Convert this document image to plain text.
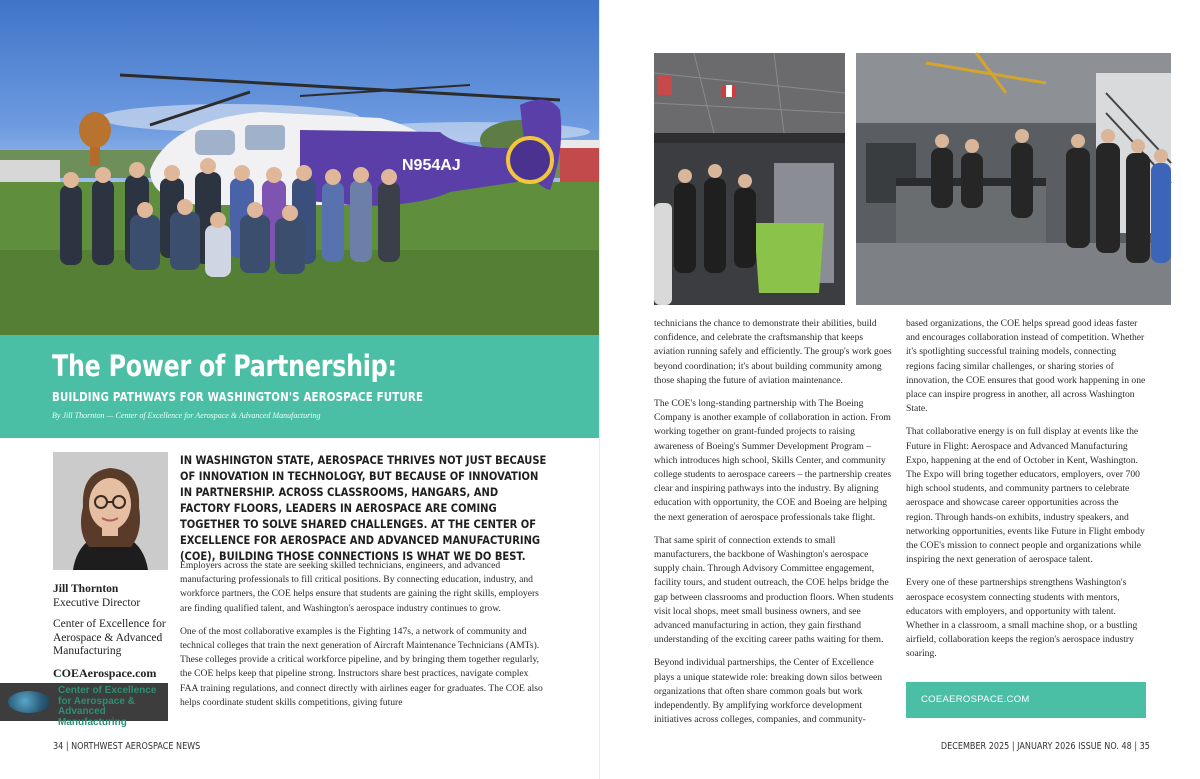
N954AJ
The Power of Partnership:
BUILDING PATHWAYS FOR WASHINGTON'S AEROSPACE FUTURE
By Jill Thornton — Center of Excellence for Aerospace & Advanced Manufacturing
Jill Thornton
Executive Director
Center of Excellence for Aerospace & Advanced Manufacturing
COEAerospace.com
Center of Excellence for Aerospace & Advanced Manufacturing
IN WASHINGTON STATE, AEROSPACE THRIVES NOT JUST BECAUSE OF INNOVATION IN TECHNOLOGY, BUT BECAUSE OF INNOVATION IN PARTNERSHIP. ACROSS CLASSROOMS, HANGARS, AND FACTORY FLOORS, LEADERS IN AEROSPACE ARE COMING TOGETHER TO SOLVE SHARED CHALLENGES. AT THE CENTER OF EXCELLENCE FOR AEROSPACE AND ADVANCED MANUFACTURING (COE), BUILDING THOSE CONNECTIONS IS WHAT WE DO BEST.

Employers across the state are seeking skilled technicians, engineers, and advanced manufacturing professionals to fill critical positions. By connecting education, industry, and workforce partners, the COE helps ensure that students are gaining the right skills, employers are finding qualified talent, and Washington's aerospace industry continues to grow.

One of the most collaborative examples is the Fighting 147s, a network of community and technical colleges that train the next generation of Aircraft Maintenance Technicians (AMTs). These colleges provide a critical workforce pipeline, and by bringing them together regularly, the COE helps keep that pipeline strong. Instructors share best practices, navigate complex FAA training regulations, and connect directly with airlines eager for graduates. The COE also helps coordinate student skills competitions, giving future

34 | NORTHWEST AEROSPACE NEWS

technicians the chance to demonstrate their abilities, build confidence, and celebrate the craftsmanship that keeps aviation running safely and efficiently. The group's work goes beyond coordination; it's about building community among those shaping the future of aviation maintenance.

The COE's long-standing partnership with The Boeing Company is another example of collaboration in action. From working together on grant-funded projects to raising awareness of Boeing's Summer Development Program – which introduces high school, Skills Center, and community college students to aerospace careers – the partnership creates clear and inspiring pathways into the industry. By aligning education with opportunity, the COE and Boeing are helping the next generation of aerospace professionals take flight.

That same spirit of connection extends to small manufacturers, the backbone of Washington's aerospace supply chain. Through Advisory Committee engagement, facility tours, and student outreach, the COE helps bridge the gap between classrooms and production floors. When students visit local shops, meet small business owners, and see advanced manufacturing in action, they gain firsthand understanding of the exciting career paths waiting for them.

Beyond individual partnerships, the Center of Excellence plays a unique statewide role: breaking down silos between organizations that often share common goals but work independently. By amplifying workforce development initiatives across colleges, companies, and community-

based organizations, the COE helps spread good ideas faster and encourages collaboration instead of competition. Whether it's spotlighting successful training models, connecting regions facing similar challenges, or sharing stories of innovation, the COE ensures that good work happening in one place can inspire progress in another, all across Washington State.

That collaborative energy is on full display at events like the Future in Flight: Aerospace and Advanced Manufacturing Expo, happening at the end of October in Kent, Washington. The Expo will bring together educators, employers, over 700 high school students, and community partners to celebrate aerospace and showcase career opportunities across the region. Through hands-on exhibits, industry speakers, and networking opportunities, events like Future in Flight embody the COE's mission to connect people and organizations while inspiring the next generation of aerospace talent.

Every one of these partnerships strengthens Washington's aerospace ecosystem connecting students with mentors, educators with employers, and opportunity with talent. Whether in a classroom, a small machine shop, or a bustling airfield, collaboration keeps the region's aerospace industry soaring.

COEAEROSPACE.COM
DECEMBER 2025 | JANUARY 2026 ISSUE NO. 48 | 35
